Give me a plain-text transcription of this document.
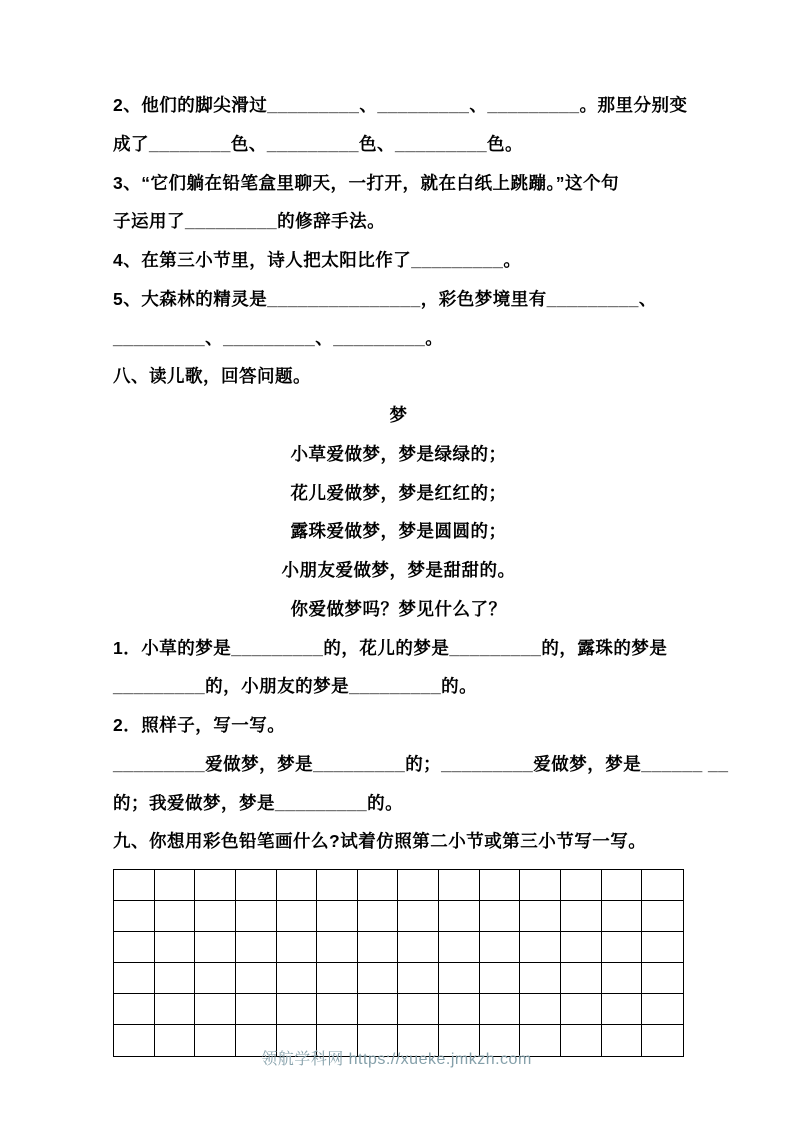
2、他们的脚尖滑过_________、_________、_________。那里分别变

成了________色、_________色、_________色。

3、“它们躺在铅笔盒里聊天，一打开，就在白纸上跳蹦。”这个句

子运用了_________的修辞手法。

4、在第三小节里，诗人把太阳比作了_________。

5、大森林的精灵是_______________，彩色梦境里有_________、

_________、_________、_________。

八、读儿歌，回答问题。

梦

小草爱做梦，梦是绿绿的；

花儿爱做梦，梦是红红的；

露珠爱做梦，梦是圆圆的；

小朋友爱做梦，梦是甜甜的。

你爱做梦吗？梦见什么了？

1．小草的梦是_________的，花儿的梦是_________的，露珠的梦是

_________的，小朋友的梦是_________的。

2．照样子，写一写。

_________爱做梦，梦是_________的；_________爱做梦，梦是______ __

的；我爱做梦，梦是_________的。

九、你想用彩色铅笔画什么?试着仿照第二小节或第三小节写一写。

领航学科网 https://xueke.jmkzh.com
